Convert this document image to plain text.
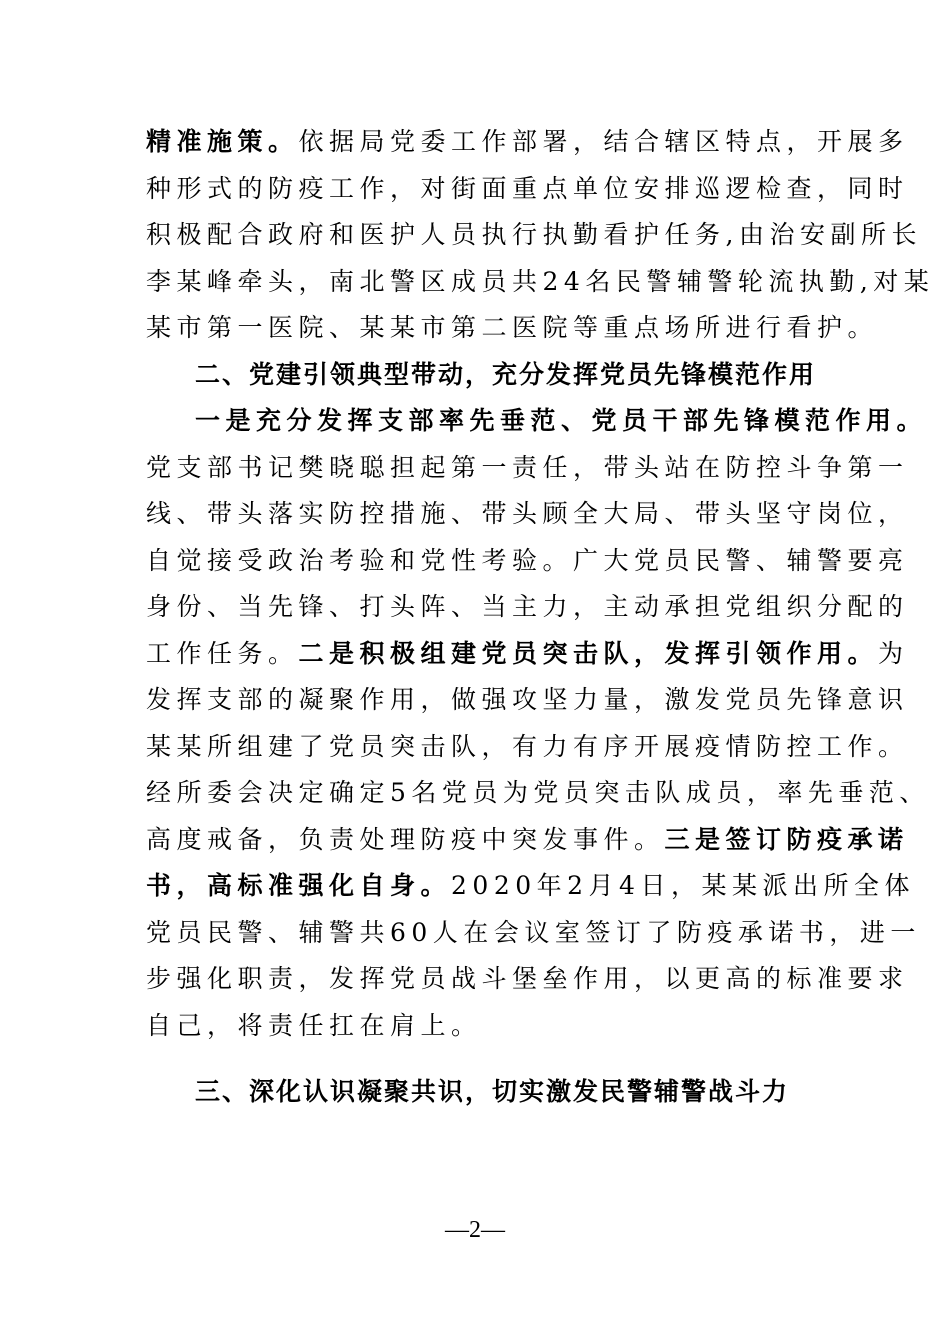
精准施策。依据局党委工作部署，结合辖区特点，开展多
种形式的防疫工作，对街面重点单位安排巡逻检查，同时
积极配合政府和医护人员执行执勤看护任务,由治安副所长
李某峰牵头，南北警区成员共24名民警辅警轮流执勤,对某
某市第一医院、某某市第二医院等重点场所进行看护。
二、党建引领典型带动，充分发挥党员先锋模范作用
一是充分发挥支部率先垂范、党员干部先锋模范作用。
党支部书记樊晓聪担起第一责任，带头站在防控斗争第一
线、带头落实防控措施、带头顾全大局、带头坚守岗位，
自觉接受政治考验和党性考验。广大党员民警、辅警要亮
身份、当先锋、打头阵、当主力，主动承担党组织分配的
工作任务。二是积极组建党员突击队，发挥引领作用。为
发挥支部的凝聚作用，做强攻坚力量，激发党员先锋意识
某某所组建了党员突击队，有力有序开展疫情防控工作。
经所委会决定确定5名党员为党员突击队成员，率先垂范、
高度戒备，负责处理防疫中突发事件。三是签订防疫承诺
书，高标准强化自身。2020年2月4日，某某派出所全体
党员民警、辅警共60人在会议室签订了防疫承诺书，进一
步强化职责，发挥党员战斗堡垒作用，以更高的标准要求
自己，将责任扛在肩上。
三、深化认识凝聚共识，切实激发民警辅警战斗力
—2—
